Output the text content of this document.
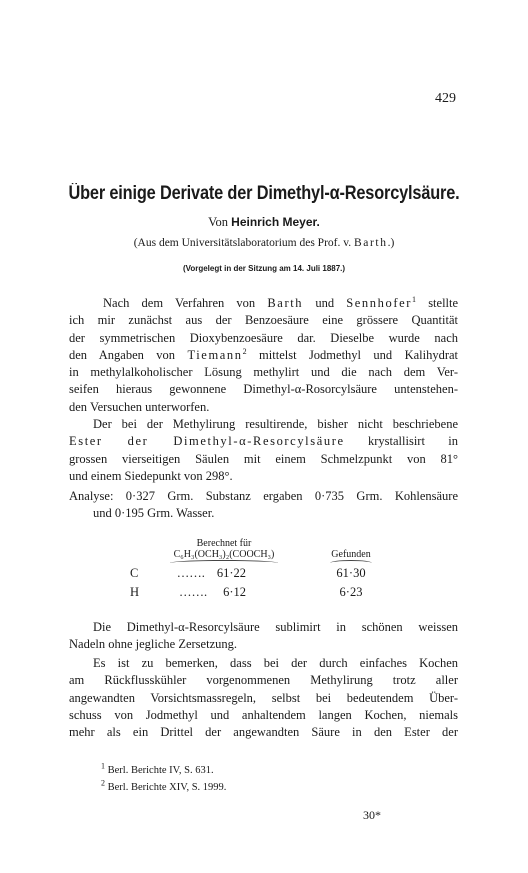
429
Über einige Derivate der Dimethyl-α-Resorcylsäure.
Von Heinrich Meyer.
(Aus dem Universitätslaboratorium des Prof. v. Barth.)
(Vorgelegt in der Sitzung am 14. Juli 1887.)
Nach dem Verfahren von Barth und Sennhofer$^1$ stellte
ich mir zunächst aus der Benzoesäure eine grössere Quantität
der symmetrischen Dioxybenzoesäure dar. Dieselbe wurde nach
den Angaben von Tiemann$^2$ mittelst Jodmethyl und Kalihydrat
in methylalkoholischer Lösung methylirt und die nach dem Ver-
seifen hieraus gewonnene Dimethyl-α-Rosorcylsäure untenstehen-
den Versuchen unterworfen.
Der bei der Methylirung resultirende, bisher nicht beschriebene
Ester der Dimethyl-α-Resorcylsäure krystallisirt in
grossen vierseitigen Säulen mit einem Schmelzpunkt von 81°
und einem Siedepunkt von 298°.
Analyse: 0·327 Grm. Substanz ergaben 0·735 Grm. Kohlensäure
und 0·195 Grm. Wasser.
	Berechnet für		
	C₆H₃(OCH₃)₂(COOCH₃)		Gefunden

C	……. 61·22		61·30
H	……. 6·12		6·23
Die Dimethyl-α-Resorcylsäure sublimirt in schönen weissen
Nadeln ohne jegliche Zersetzung.
Es ist zu bemerken, dass bei der durch einfaches Kochen
am Rückflusskühler vorgenommenen Methylirung trotz aller
angewandten Vorsichtsmassregeln, selbst bei bedeutendem Über-
schuss von Jodmethyl und anhaltendem langen Kochen, niemals
mehr als ein Drittel der angewandten Säure in den Ester der
$^1$ Berl. Berichte IV, S. 631.
$^2$ Berl. Berichte XIV, S. 1999.
30*
